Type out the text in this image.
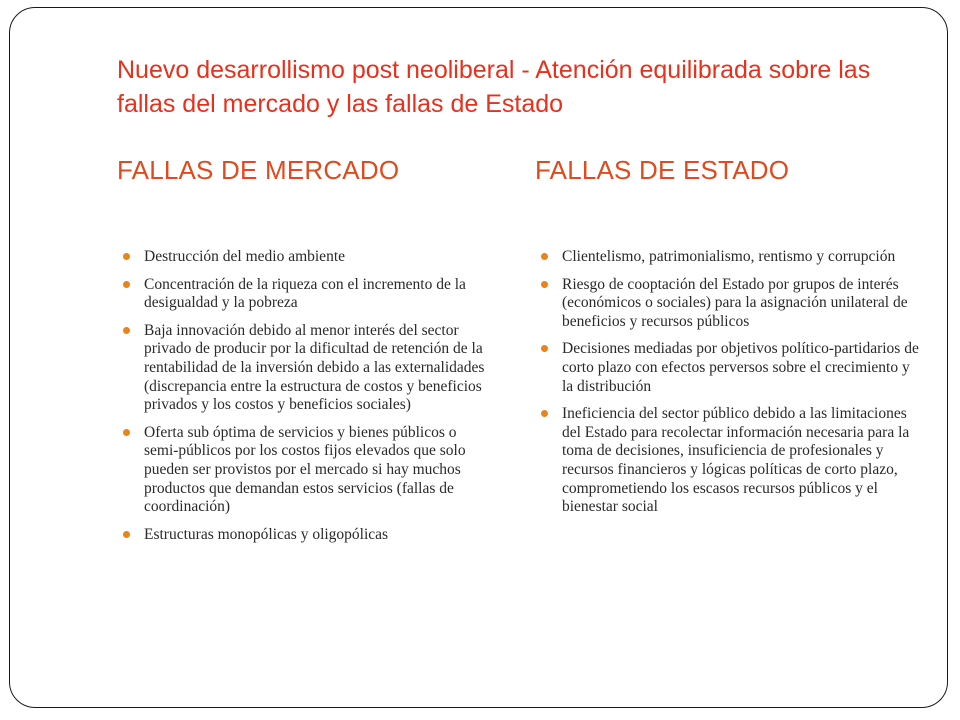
Nuevo desarrollismo post neoliberal - Atención equilibrada sobre las fallas del mercado y las fallas de Estado
FALLAS DE MERCADO	FALLAS DE ESTADO
Destrucción del medio ambiente
Concentración de la riqueza con el incremento de la desigualdad y la pobreza
Baja innovación debido al menor interés del sector privado de producir por la dificultad de retención de la rentabilidad de la inversión debido a las externalidades (discrepancia entre la estructura de costos y beneficios privados y los costos y beneficios sociales)
Oferta sub óptima de servicios y bienes públicos o semi-públicos por los costos fijos elevados que solo pueden ser provistos por el mercado si hay muchos productos que demandan estos servicios (fallas de coordinación)
Estructuras monopólicas y oligopólicas
Clientelismo, patrimonialismo, rentismo y corrupción
Riesgo de cooptación del Estado por grupos de interés (económicos o sociales) para la asignación unilateral de beneficios y recursos públicos
Decisiones mediadas por objetivos político-partidarios de corto plazo con efectos perversos sobre el crecimiento y la distribución
Ineficiencia del sector público debido a las limitaciones del Estado para recolectar información necesaria para la toma de decisiones, insuficiencia de profesionales y recursos financieros y lógicas políticas de corto plazo, comprometiendo los escasos recursos públicos y el bienestar social
